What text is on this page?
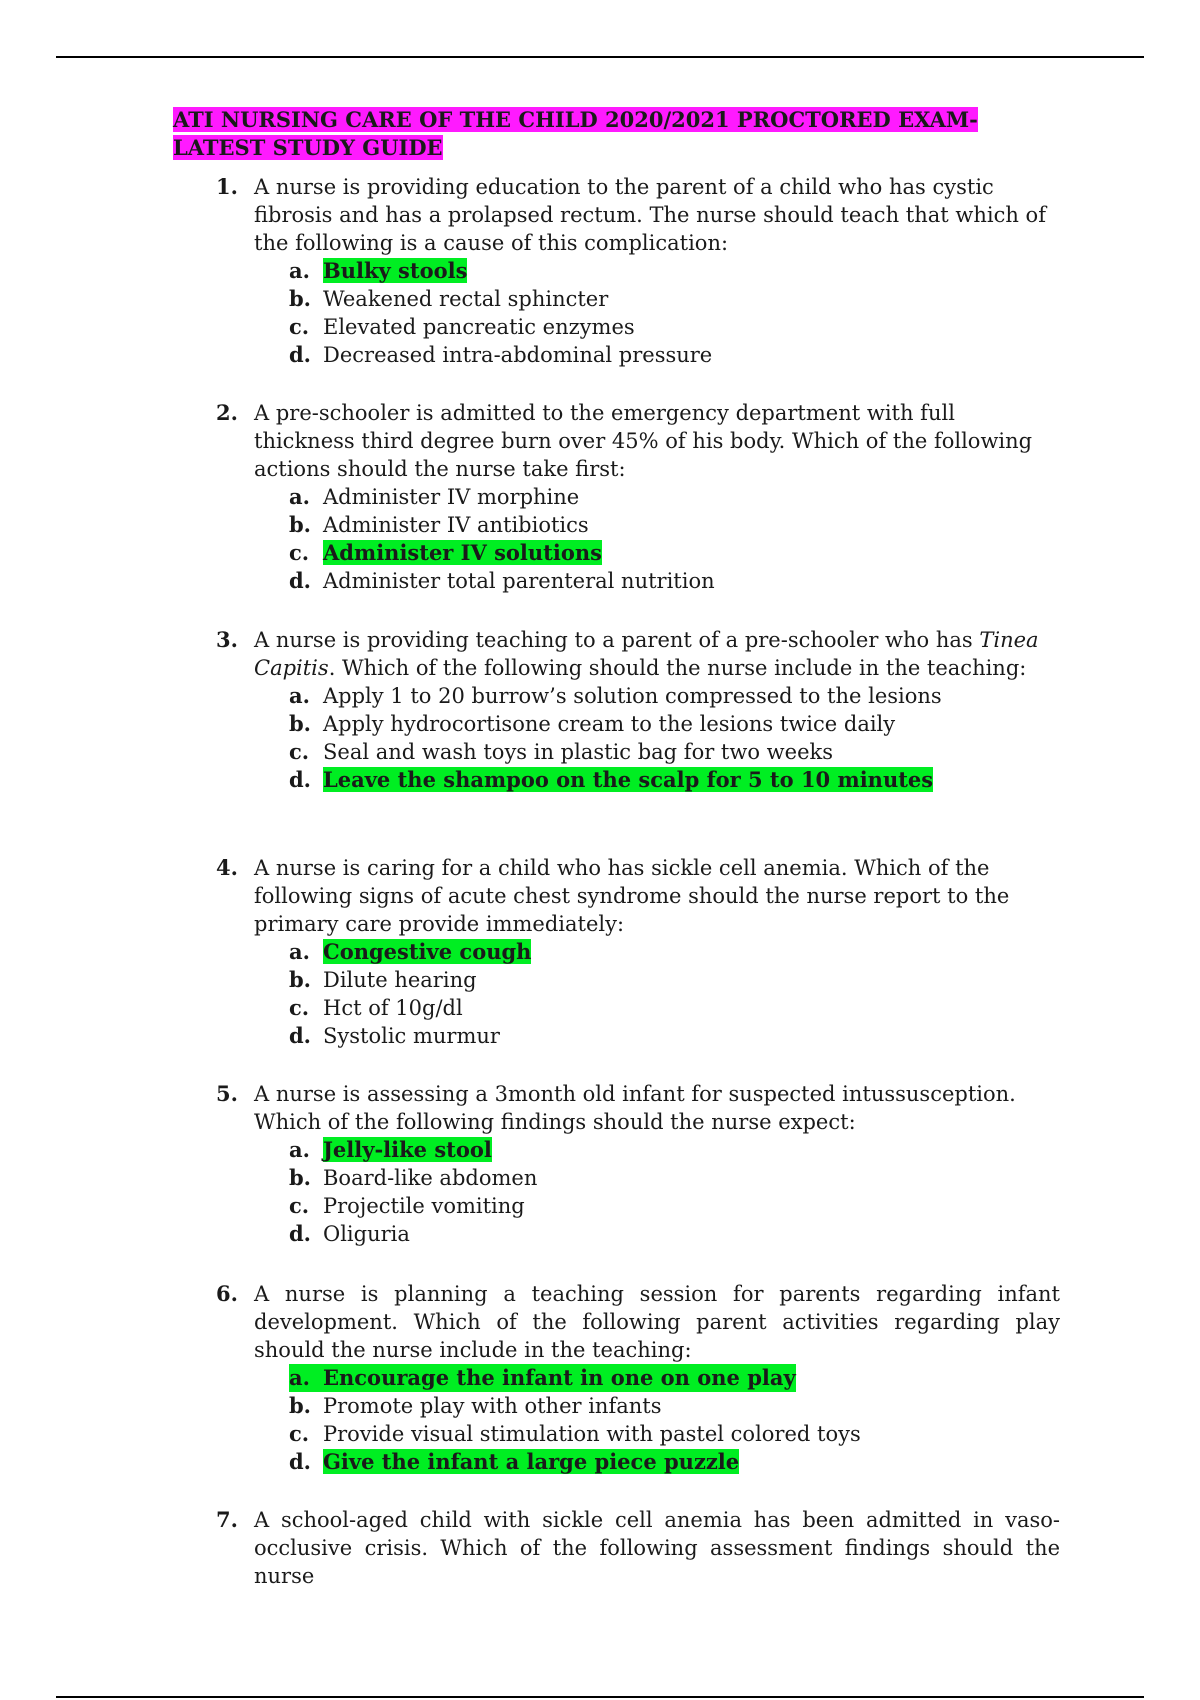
ATI NURSING CARE OF THE CHILD 2020/2021 PROCTORED EXAM- LATEST STUDY GUIDE
1. A nurse is providing education to the parent of a child who has cystic fibrosis and has a prolapsed rectum. The nurse should teach that which of the following is a cause of this complication:
a. Bulky stools
b. Weakened rectal sphincter
c. Elevated pancreatic enzymes
d. Decreased intra-abdominal pressure
2. A pre-schooler is admitted to the emergency department with full thickness third degree burn over 45% of his body. Which of the following actions should the nurse take first:
a. Administer IV morphine
b. Administer IV antibiotics
c. Administer IV solutions
d. Administer total parenteral nutrition
3. A nurse is providing teaching to a parent of a pre-schooler who has Tinea Capitis. Which of the following should the nurse include in the teaching:
a. Apply 1 to 20 burrow’s solution compressed to the lesions
b. Apply hydrocortisone cream to the lesions twice daily
c. Seal and wash toys in plastic bag for two weeks
d. Leave the shampoo on the scalp for 5 to 10 minutes
4. A nurse is caring for a child who has sickle cell anemia. Which of the following signs of acute chest syndrome should the nurse report to the primary care provide immediately:
a. Congestive cough
b. Dilute hearing
c. Hct of 10g/dl
d. Systolic murmur
5. A nurse is assessing a 3month old infant for suspected intussusception. Which of the following findings should the nurse expect:
a. Jelly-like stool
b. Board-like abdomen
c. Projectile vomiting
d. Oliguria
6. A nurse is planning a teaching session for parents regarding infant development. Which of the following parent activities regarding play should the nurse include in the teaching:
a. Encourage the infant in one on one play
b. Promote play with other infants
c. Provide visual stimulation with pastel colored toys
d. Give the infant a large piece puzzle
7. A school-aged child with sickle cell anemia has been admitted in vaso-occlusive crisis. Which of the following assessment findings should the nurse
